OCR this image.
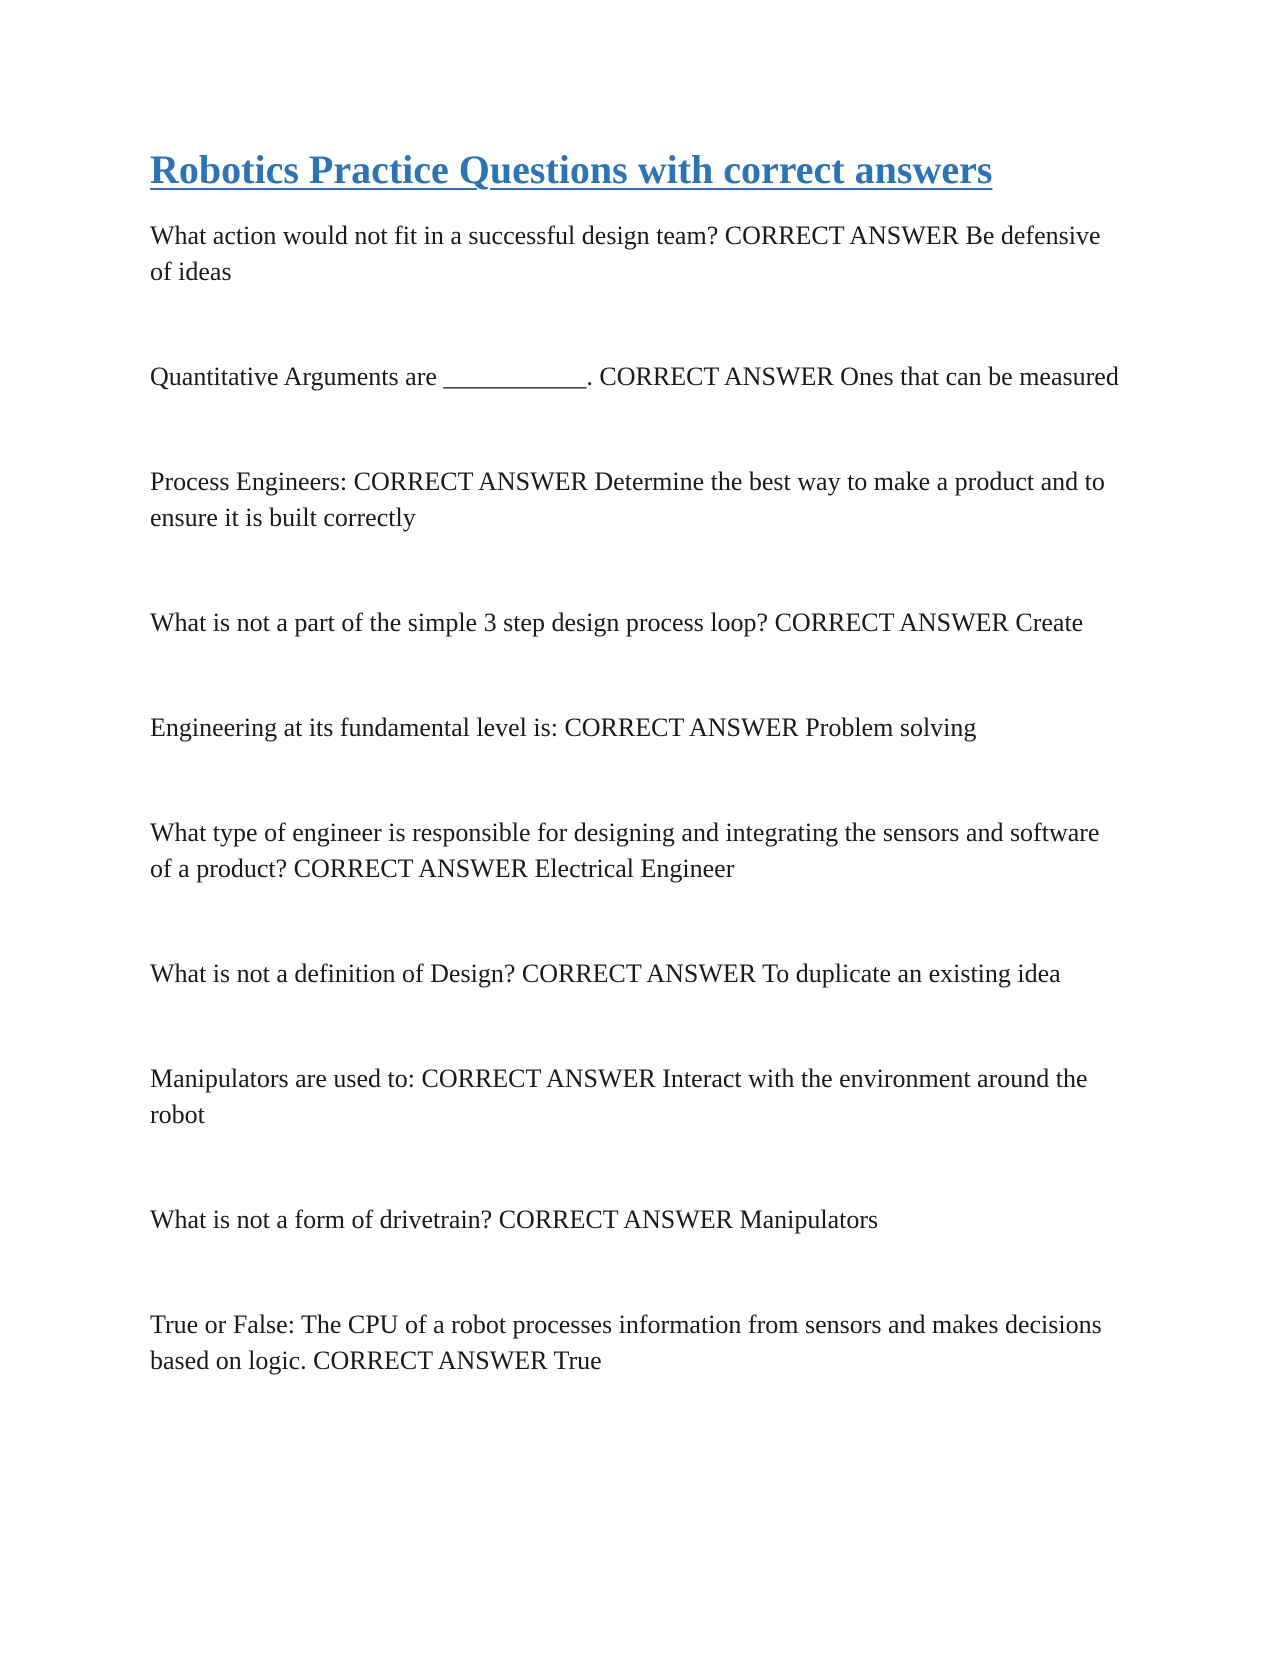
Robotics Practice Questions with correct answers

What action would not fit in a successful design team? CORRECT ANSWER Be defensive of ideas

Quantitative Arguments are ___________. CORRECT ANSWER Ones that can be measured

Process Engineers: CORRECT ANSWER Determine the best way to make a product and to ensure it is built correctly

What is not a part of the simple 3 step design process loop? CORRECT ANSWER Create

Engineering at its fundamental level is: CORRECT ANSWER Problem solving

What type of engineer is responsible for designing and integrating the sensors and software of a product? CORRECT ANSWER Electrical Engineer

What is not a definition of Design? CORRECT ANSWER To duplicate an existing idea

Manipulators are used to: CORRECT ANSWER Interact with the environment around the robot

What is not a form of drivetrain? CORRECT ANSWER Manipulators

True or False: The CPU of a robot processes information from sensors and makes decisions based on logic. CORRECT ANSWER True
